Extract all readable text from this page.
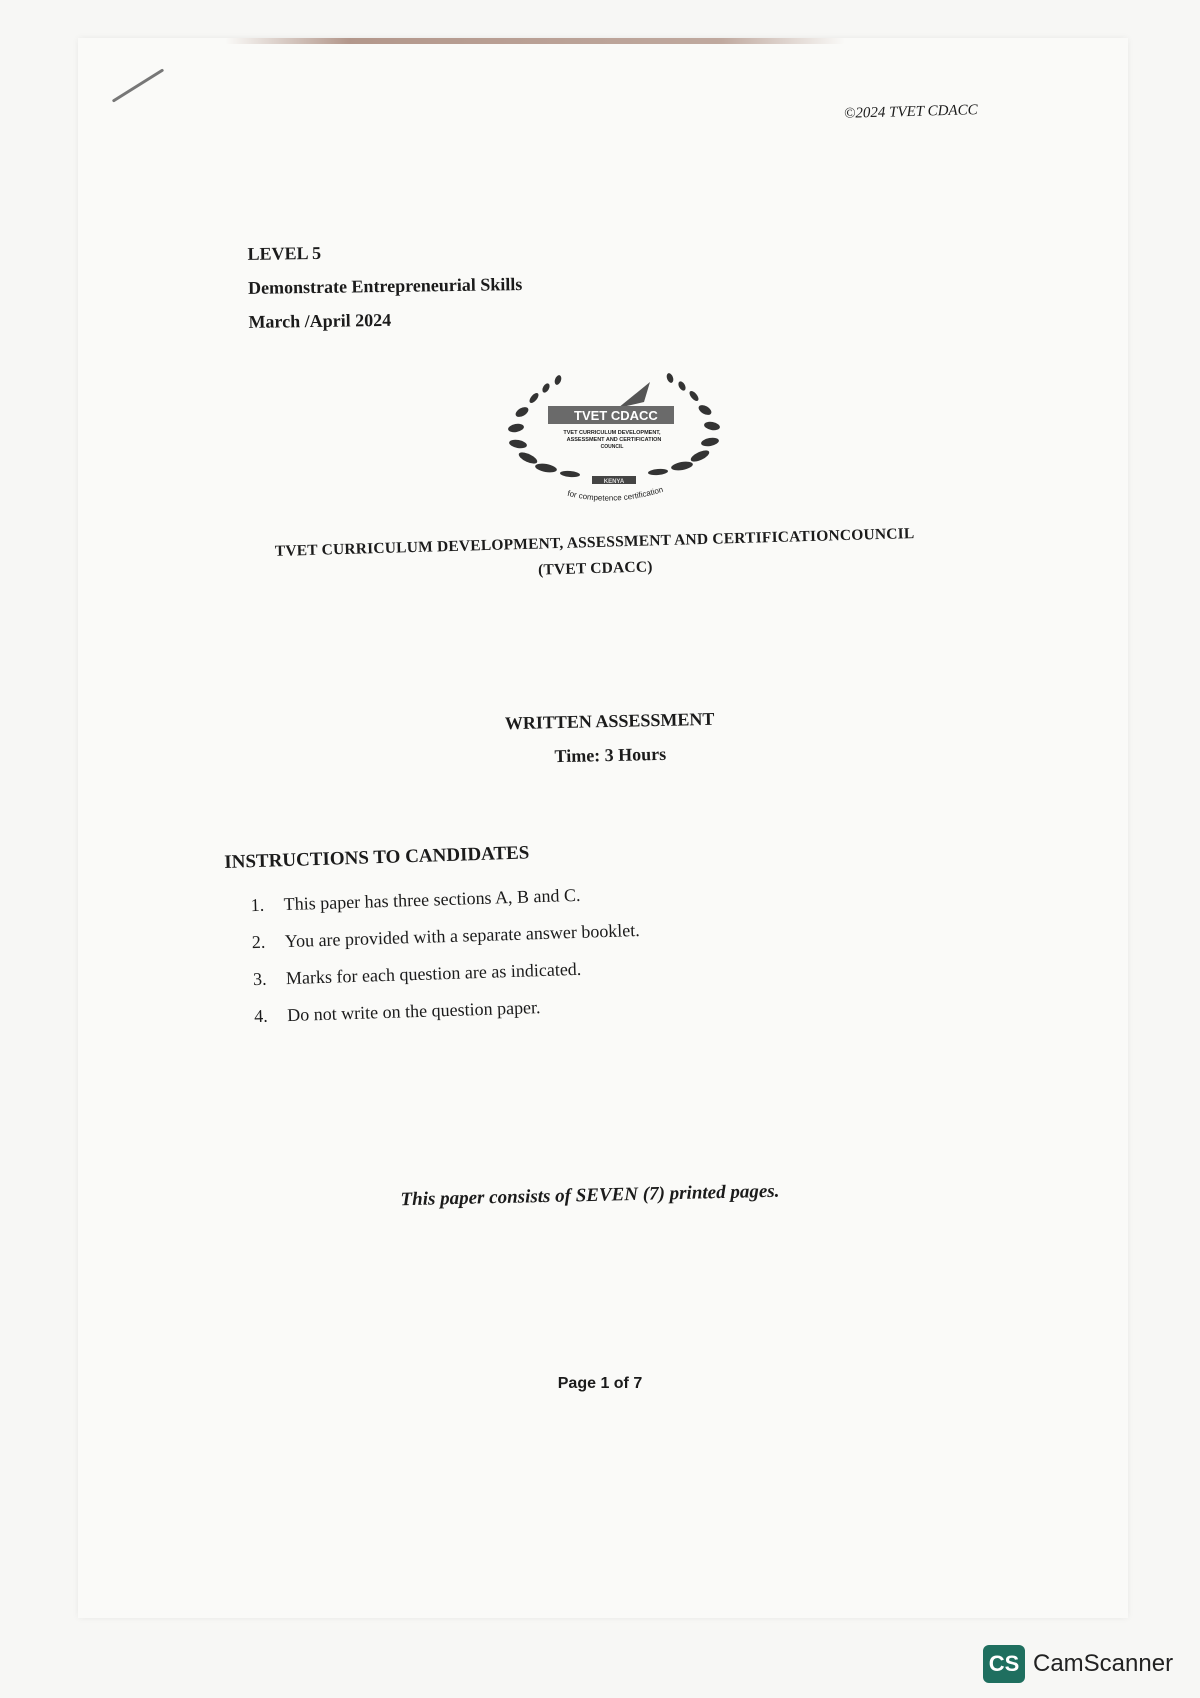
©2024 TVET CDACC
LEVEL 5
Demonstrate Entrepreneurial Skills
March /April 2024
TVET CDACC
TVET CURRICULUM DEVELOPMENT,
ASSESSMENT AND CERTIFICATION
COUNCIL
KENYA
for competence certification
TVET CURRICULUM DEVELOPMENT, ASSESSMENT AND CERTIFICATIONCOUNCIL
(TVET CDACC)
WRITTEN ASSESSMENT
Time: 3 Hours
INSTRUCTIONS TO CANDIDATES
1.	This paper has three sections A, B and C.
2.	You are provided with a separate answer booklet.
3.	Marks for each question are as indicated.
4.	Do not write on the question paper.
This paper consists of SEVEN (7) printed pages.
Page 1 of 7
CS CamScanner
